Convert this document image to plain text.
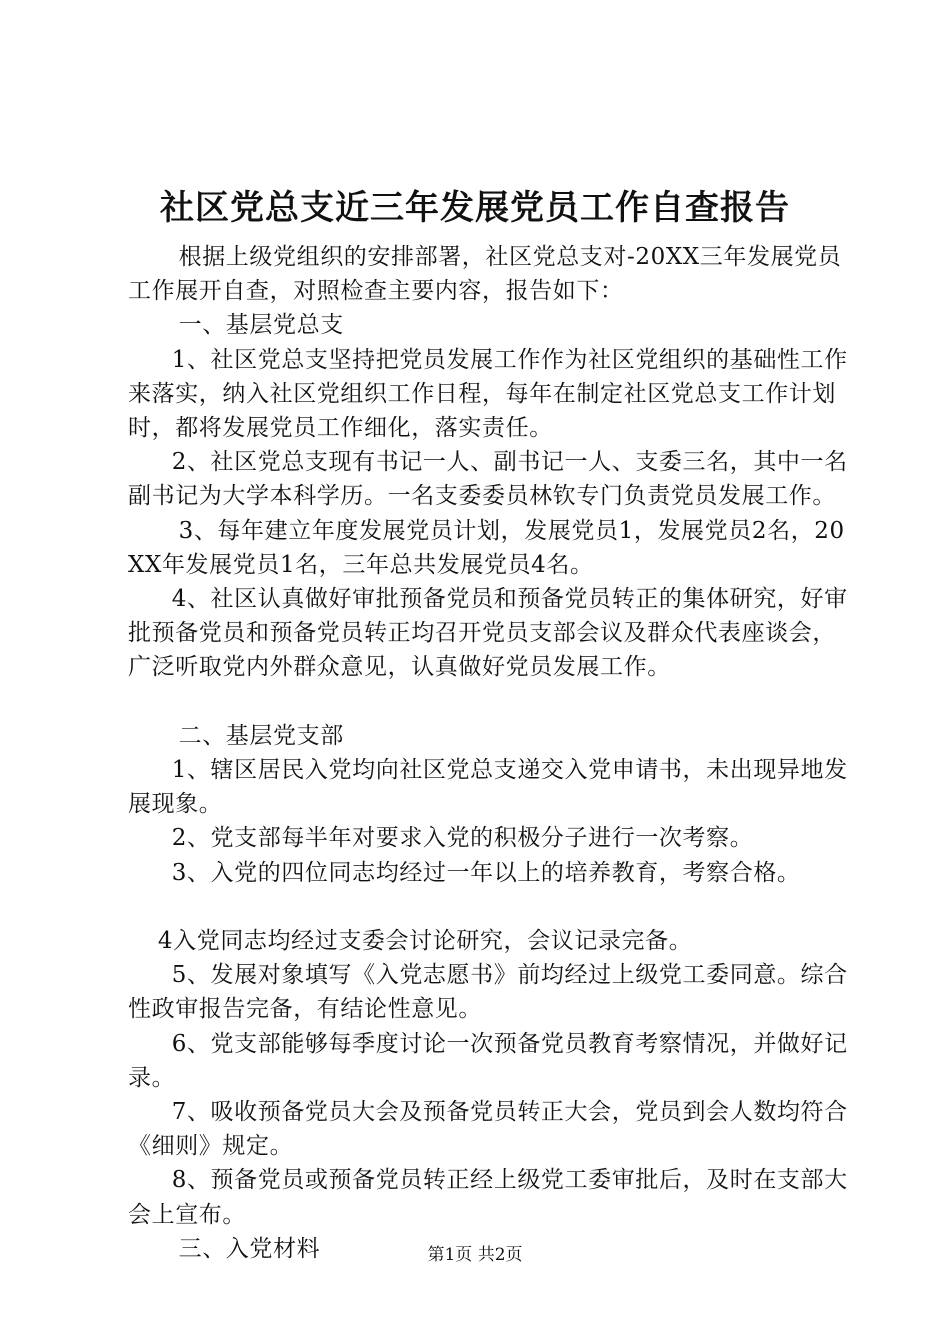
社区党总支近三年发展党员工作自查报告

根据上级党组织的安排部署，社区党总支对-20XX三年发展党员工作展开自查，对照检查主要内容，报告如下：

一、基层党总支

1、社区党总支坚持把党员发展工作作为社区党组织的基础性工作来落实，纳入社区党组织工作日程，每年在制定社区党总支工作计划时，都将发展党员工作细化，落实责任。

2、社区党总支现有书记一人、副书记一人、支委三名，其中一名副书记为大学本科学历。一名支委委员林钦专门负责党员发展工作。

3、每年建立年度发展党员计划，发展党员1，发展党员2名，20XX年发展党员1名，三年总共发展党员4名。

4、社区认真做好审批预备党员和预备党员转正的集体研究，好审批预备党员和预备党员转正均召开党员支部会议及群众代表座谈会，广泛听取党内外群众意见，认真做好党员发展工作。

二、基层党支部

1、辖区居民入党均向社区党总支递交入党申请书，未出现异地发展现象。

2、党支部每半年对要求入党的积极分子进行一次考察。

3、入党的四位同志均经过一年以上的培养教育，考察合格。

4入党同志均经过支委会讨论研究，会议记录完备。

5、发展对象填写《入党志愿书》前均经过上级党工委同意。综合性政审报告完备，有结论性意见。

6、党支部能够每季度讨论一次预备党员教育考察情况，并做好记录。

7、吸收预备党员大会及预备党员转正大会，党员到会人数均符合《细则》规定。

8、预备党员或预备党员转正经上级党工委审批后，及时在支部大会上宣布。

三、入党材料	第1页 共2页
